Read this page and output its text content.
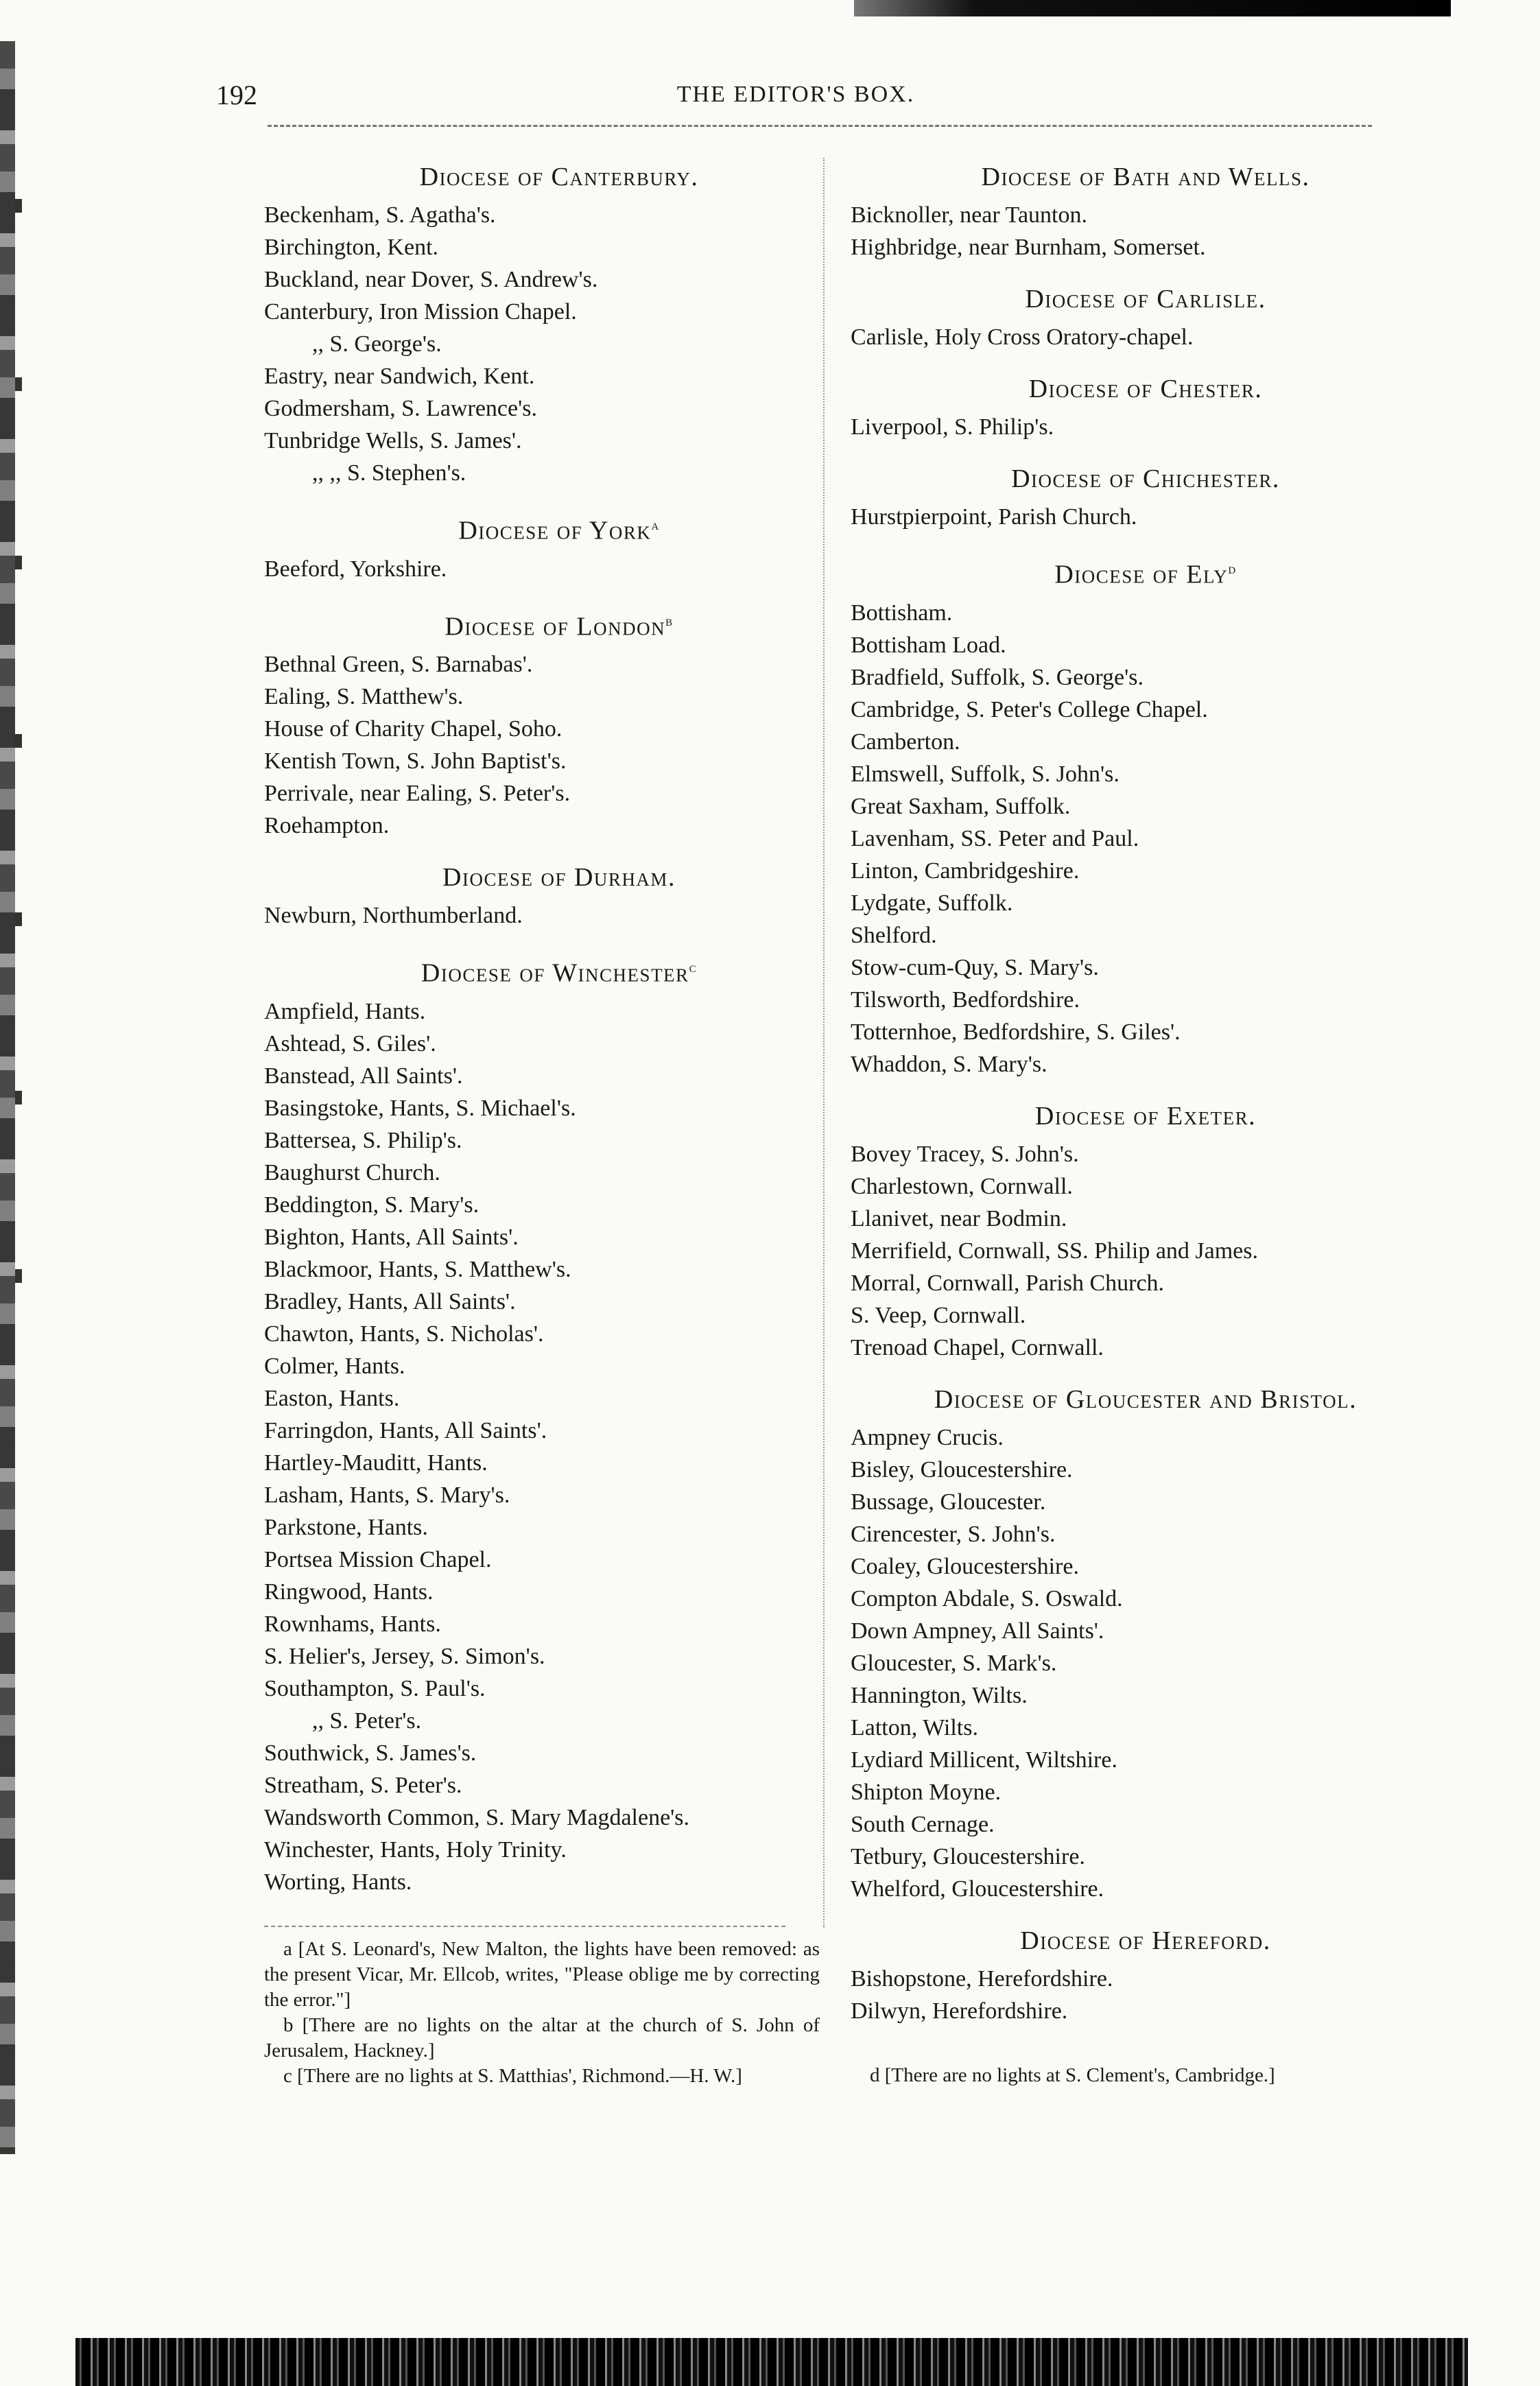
192	THE EDITOR'S BOX.
Diocese of Canterbury.
Beckenham, S. Agatha's.
Birchington, Kent.
Buckland, near Dover, S. Andrew's.
Canterbury, Iron Mission Chapel.
,, S. George's.
Eastry, near Sandwich, Kent.
Godmersham, S. Lawrence's.
Tunbridge Wells, S. James'.
,, ,, S. Stephen's.
Diocese of York$^a$
Beeford, Yorkshire.
Diocese of London$^b$
Bethnal Green, S. Barnabas'.
Ealing, S. Matthew's.
House of Charity Chapel, Soho.
Kentish Town, S. John Baptist's.
Perrivale, near Ealing, S. Peter's.
Roehampton.
Diocese of Durham.
Newburn, Northumberland.
Diocese of Winchester$^c$
Ampfield, Hants.
Ashtead, S. Giles'.
Banstead, All Saints'.
Basingstoke, Hants, S. Michael's.
Battersea, S. Philip's.
Baughurst Church.
Beddington, S. Mary's.
Bighton, Hants, All Saints'.
Blackmoor, Hants, S. Matthew's.
Bradley, Hants, All Saints'.
Chawton, Hants, S. Nicholas'.
Colmer, Hants.
Easton, Hants.
Farringdon, Hants, All Saints'.
Hartley-Mauditt, Hants.
Lasham, Hants, S. Mary's.
Parkstone, Hants.
Portsea Mission Chapel.
Ringwood, Hants.
Rownhams, Hants.
S. Helier's, Jersey, S. Simon's.
Southampton, S. Paul's.
,, S. Peter's.
Southwick, S. James's.
Streatham, S. Peter's.
Wandsworth Common, S. Mary Magdalene's.
Winchester, Hants, Holy Trinity.
Worting, Hants.
a [At S. Leonard's, New Malton, the lights have been removed: as the present Vicar, Mr. Ellcob, writes, "Please oblige me by correcting the error."]
b [There are no lights on the altar at the church of S. John of Jerusalem, Hackney.]
c [There are no lights at S. Matthias', Richmond.—H. W.]
Diocese of Bath and Wells.
Bicknoller, near Taunton.
Highbridge, near Burnham, Somerset.
Diocese of Carlisle.
Carlisle, Holy Cross Oratory-chapel.
Diocese of Chester.
Liverpool, S. Philip's.
Diocese of Chichester.
Hurstpierpoint, Parish Church.
Diocese of Ely$^d$
Bottisham.
Bottisham Load.
Bradfield, Suffolk, S. George's.
Cambridge, S. Peter's College Chapel.
Camberton.
Elmswell, Suffolk, S. John's.
Great Saxham, Suffolk.
Lavenham, SS. Peter and Paul.
Linton, Cambridgeshire.
Lydgate, Suffolk.
Shelford.
Stow-cum-Quy, S. Mary's.
Tilsworth, Bedfordshire.
Totternhoe, Bedfordshire, S. Giles'.
Whaddon, S. Mary's.
Diocese of Exeter.
Bovey Tracey, S. John's.
Charlestown, Cornwall.
Llanivet, near Bodmin.
Merrifield, Cornwall, SS. Philip and James.
Morral, Cornwall, Parish Church.
S. Veep, Cornwall.
Trenoad Chapel, Cornwall.
Diocese of Gloucester and Bristol.
Ampney Crucis.
Bisley, Gloucestershire.
Bussage, Gloucester.
Cirencester, S. John's.
Coaley, Gloucestershire.
Compton Abdale, S. Oswald.
Down Ampney, All Saints'.
Gloucester, S. Mark's.
Hannington, Wilts.
Latton, Wilts.
Lydiard Millicent, Wiltshire.
Shipton Moyne.
South Cernage.
Tetbury, Gloucestershire.
Whelford, Gloucestershire.
Diocese of Hereford.
Bishopstone, Herefordshire.
Dilwyn, Herefordshire.
d [There are no lights at S. Clement's, Cambridge.]
